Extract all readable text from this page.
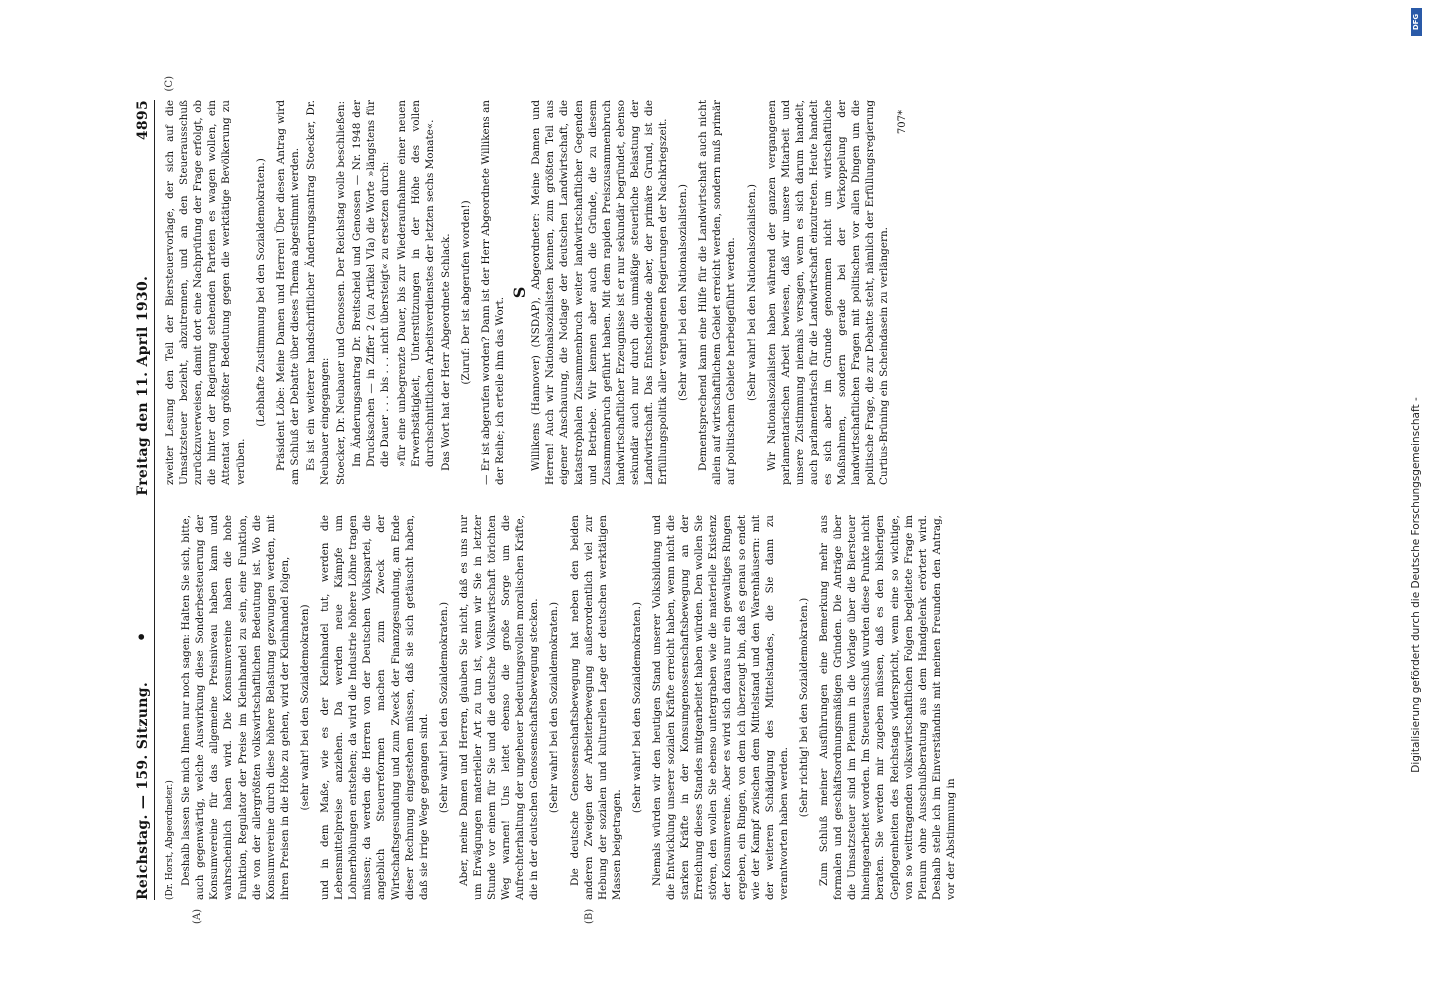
Reichstag. — 159. Sitzung.
•
Freitag den 11. April 1930.
4895
(A)	(B)

(Dr. Horst, Abgeordneter.) Deshalb lassen Sie mich Ihnen nur noch sagen: Halten Sie sich, bitte, auch gegenwärtig, welche Auswirkung diese Sonderbesteuerung der Konsumvereine für das allgemeine Preisniveau haben kann und wahrscheinlich haben wird. Die Konsumvereine haben die hohe Funktion, Regulator der Preise im Kleinhandel zu sein, eine Funktion, die von der allergrößten volkswirtschaftlichen Bedeutung ist. Wo die Konsumvereine durch diese höhere Belastung gezwungen werden, mit ihren Preisen in die Höhe zu gehen, wird der Kleinhandel folgen, (sehr wahr! bei den Sozialdemokraten) und in dem Maße, wie es der Kleinhandel tut, werden die Lebensmittelpreise anziehen. Da werden neue Kämpfe um Lohnerhöhungen entstehen; da wird die Industrie höhere Löhne tragen müssen; da werden die Herren von der Deutschen Volkspartei, die angeblich Steuerreformen machen zum Zweck der Wirtschaftsgesundung und zum Zweck der Finanzgesundung, am Ende dieser Rechnung eingestehen müssen, daß sie sich getäuscht haben, daß sie irrige Wege gegangen sind. (Sehr wahr! bei den Sozialdemokraten.) Aber, meine Damen und Herren, glauben Sie nicht, daß es uns nur um Erwägungen materieller Art zu tun ist, wenn wir Sie in letzter Stunde vor einem für Sie und die deutsche Volkswirtschaft törichten Weg warnen! Uns leitet ebenso die große Sorge um die Aufrechterhaltung der ungeheuer bedeutungsvollen moralischen Kräfte, die in der deutschen Genossenschaftsbewegung stecken. (Sehr wahr! bei den Sozialdemokraten.) Die deutsche Genossenschaftsbewegung hat neben den beiden anderen Zweigen der Arbeiterbewegung außerordentlich viel zur Hebung der sozialen und kulturellen Lage der deutschen werktätigen Massen beigetragen.

(Sehr wahr! bei den Sozialdemokraten.) Niemals würden wir den heutigen Stand unserer Volksbildung und die Entwicklung unserer sozialen Kräfte erreicht haben, wenn nicht die starken Kräfte in der Konsumgenossenschaftsbewegung an der Erreichung dieses Standes mitgearbeitet haben würden. Den wollen Sie stören, den wollen Sie ebenso untergraben wie die materielle Existenz der Konsumvereine. Aber es wird sich daraus nur ein gewaltiges Ringen ergeben, ein Ringen, von dem ich überzeugt bin, daß es genau so endet wie der Kampf zwischen dem Mittelstand und den Warenhäusern: mit der weiteren Schädigung des Mittelstandes, die Sie dann zu verantworten haben werden.

(Sehr richtig! bei den Sozialdemokraten.) Zum Schluß meiner Ausführungen eine Bemerkung mehr aus formalen und geschäftsordnungsmäßigen Gründen. Die Anträge über die Umsatzsteuer sind im Plenum in die Vorlage über die Biersteuer hineingearbeitet worden. Im Steuerausschuß wurden diese Punkte nicht beraten. Sie werden mir zugeben müssen, daß es den bisherigen Gepflogenheiten des Reichstags widerspricht, wenn eine so wichtige, von so weittragenden volkswirtschaftlichen Folgen begleitete Frage im Plenum ohne Ausschußberatung aus dem Handgelenk erörtert wird. Deshalb stelle ich im Einverständnis mit meinen Freunden den Antrag, vor der Abstimmung in

(C)

zweiter Lesung den Teil der Biersteuervorlage, der sich auf die Umsatzsteuer bezieht, abzutrennen, und an den Steuerausschuß zurückzuverweisen, damit dort eine Nachprüfung der Frage erfolgt, ob die hinter der Regierung stehenden Parteien es wagen wollen, ein Attentat von größter Bedeutung gegen die werktätige Bevölkerung zu verüben.

(Lebhafte Zustimmung bei den Sozialdemokraten.) Präsident Löbe: Meine Damen und Herren! Über diesen Antrag wird am Schluß der Debatte über dieses Thema abgestimmt werden. Es ist ein weiterer handschriftlicher Änderungsantrag Stoecker, Dr. Neubauer eingegangen: Stoecker, Dr. Neubauer und Genossen. Der Reichstag wolle beschließen: Im Änderungsantrag Dr. Breitscheid und Genossen — Nr. 1948 der Drucksachen — in Ziffer 2 (zu Artikel VIa) die Worte »längstens für die Dauer . . . bis . . . nicht übersteigt« zu ersetzen durch: »für eine unbegrenzte Dauer, bis zur Wiederaufnahme einer neuen Erwerbstätigkeit, Unterstützungen in der Höhe des vollen durchschnittlichen Arbeitsverdienstes der letzten sechs Monate«. Das Wort hat der Herr Abgeordnete Schlack. (Zuruf: Der ist abgerufen worden!) — Er ist abgerufen worden? Dann ist der Herr Abgeordnete Willikens an der Reihe; ich erteile ihm das Wort.

S Willikens (Hannover) (NSDAP), Abgeordneter: Meine Damen und Herren! Auch wir Nationalsozialisten kennen, zum größten Teil aus eigener Anschauung, die Notlage der deutschen Landwirtschaft, die katastrophalen Zusammenbruch weiter landwirtschaftlicher Gegenden und Betriebe. Wir kennen aber auch die Gründe, die zu diesem Zusammenbruch geführt haben. Mit dem rapiden Preiszusammenbruch landwirtschaftlicher Erzeugnisse ist er nur sekundär begründet, ebenso sekundär auch nur durch die unmäßige steuerliche Belastung der Landwirtschaft. Das Entscheidende aber, der primäre Grund, ist die Erfüllungspolitik aller vergangenen Regierungen der Nachkriegszeit. (Sehr wahr! bei den Nationalsozialisten.) Dementsprechend kann eine Hilfe für die Landwirtschaft auch nicht allein auf wirtschaftlichem Gebiet erreicht werden, sondern muß primär auf politischem Gebiete herbeigeführt werden. (Sehr wahr! bei den Nationalsozialisten.) Wir Nationalsozialisten haben während der ganzen vergangenen parlamentarischen Arbeit bewiesen, daß wir unsere Mitarbeit und unsere Zustimmung niemals versagen, wenn es sich darum handelt, auch parlamentarisch für die Landwirtschaft einzutreten. Heute handelt es sich aber im Grunde genommen nicht um wirtschaftliche Maßnahmen, sondern gerade bei der Verkoppelung der landwirtschaftlichen Fragen mit politischen vor allen Dingen um die politische Frage, die zur Debatte steht, nämlich der Erfüllungsregierung Curtius-Brüning ein Scheindasein zu verlängern.

707*
DFG
Digitalisierung gefördert durch die Deutsche Forschungsgemeinschaft -
